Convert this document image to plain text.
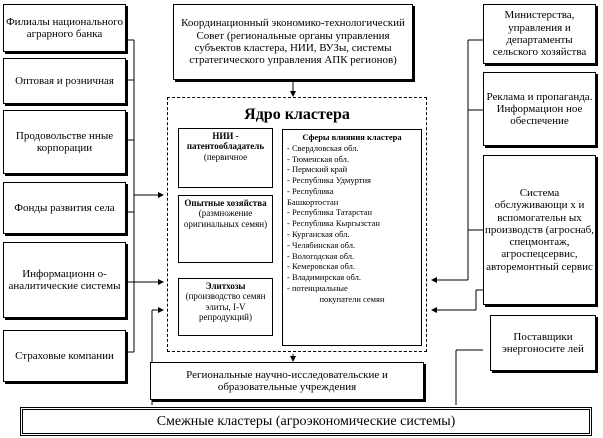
Филиалы национального аграрного банка
Оптовая и розничная
Продовольстве нные корпорации
Фонды развития села
Информационн о-аналитические системы
Страховые компании
Координационный экономико-технологический Совет (региональные органы управления субъектов кластера, НИИ, ВУЗы, системы стратегического управления АПК регионов)
Ядро кластера
НИИ - патентообладатель
(первичное
Опытные хозяйства
(размножение оригинальных семян)
Элитхозы
(производство семян элиты, I-V репродукций)
Сферы влияния кластера
- Свердловская обл.
- Тюменская обл.
- Пермский край
- Республика Удмуртия
- Республика
Башкортостан
- Республика Татарстан
- Республика Кыргызстан
- Курганская обл.
- Челябинская обл.
- Вологодская обл.
- Кемеровская обл.
- Владимирская обл.
- потенциальные
покупатели семян
Министерства, управления и департаменты сельского хозяйства
Реклама и пропаганда. Информацион ное обеспечение
Система обслуживающи х и вспомогательн ых производств (агроснаб, спецмонтаж, агроспецсервис, авторемонтный сервис
Поставщики энергоносите лей
Региональные научно-исследовательские и образовательные учреждения
Смежные кластеры (агроэкономические системы)
